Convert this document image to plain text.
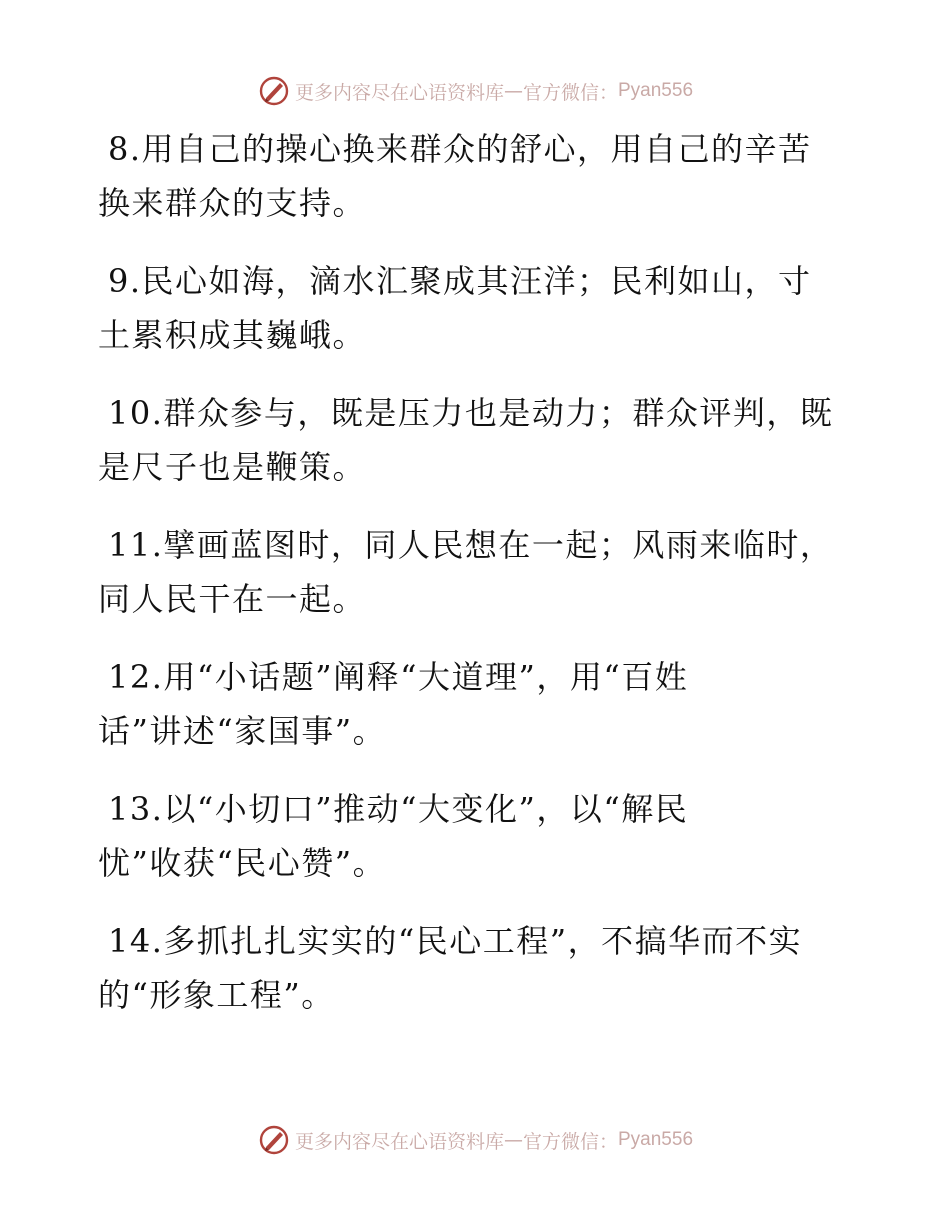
更多内容尽在心语资料库 — 官方微信： Pyan556

8.用自己的操心换来群众的舒心，用自己的辛苦
换来群众的支持。

9.民心如海，滴水汇聚成其汪洋；民利如山，寸
土累积成其巍峨。

10.群众参与，既是压力也是动力；群众评判，既
是尺子也是鞭策。

11.擘画蓝图时，同人民想在一起；风雨来临时，
同人民干在一起。

12.用“小话题”阐释“大道理”，用“百姓
话”讲述“家国事”。

13.以“小切口”推动“大变化”，以“解民
忧”收获“民心赞”。

14.多抓扎扎实实的“民心工程”，不搞华而不实
的“形象工程”。

更多内容尽在心语资料库 — 官方微信： Pyan556
